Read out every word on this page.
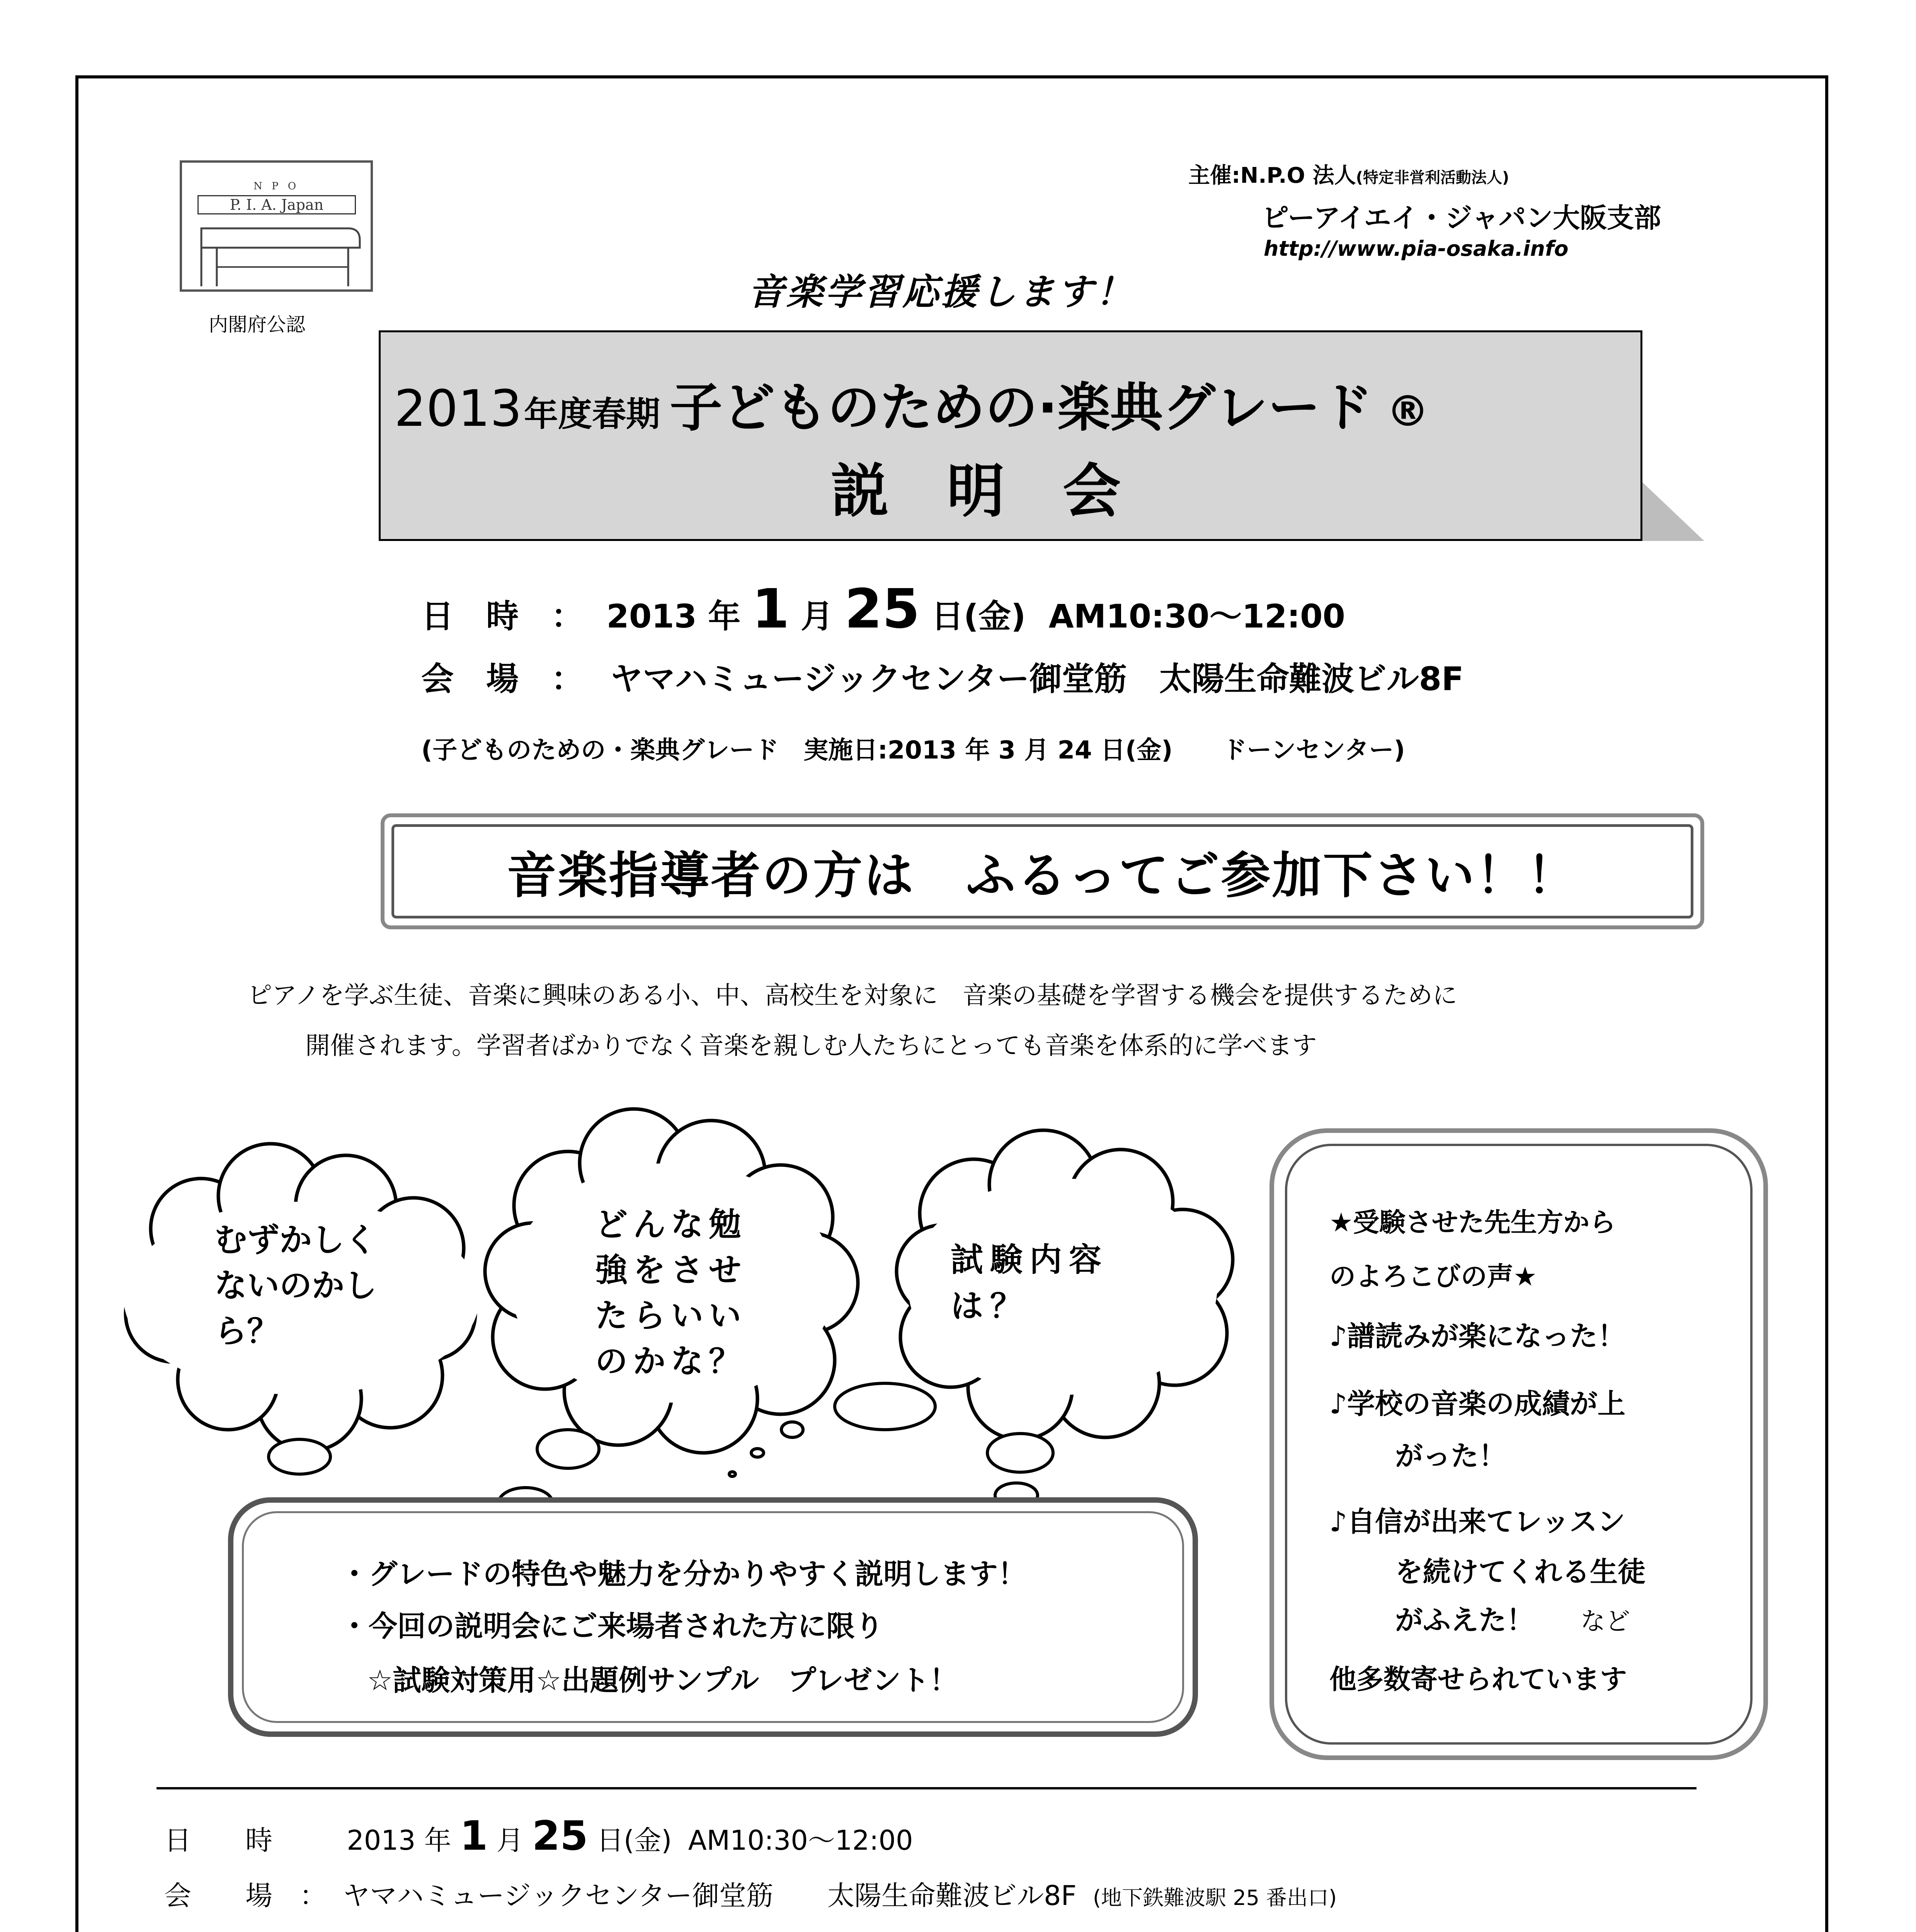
N P O
P. I. A. Japan
内閣府公認
主催:N.P.O 法人(特定非営利活動法人)
ピーアイエイ・ジャパン大阪支部
http://www.pia-osaka.info
音楽学習応援します！
2013 年度春期 子どものための·楽典グレード ®
説　明　会
日　時　： 2013 年 1 月 25 日(金) AM10:30～12:00
会　場　： ヤマハミュージックセンター御堂筋　太陽生命難波ビル8F
(子どものための・楽典グレード　実施日:2013 年 3 月 24 日(金)　　ドーンセンター)
音楽指導者の方は　ふるってご参加下さい！！
ピアノを学ぶ生徒、音楽に興味のある小、中、高校生を対象に　音楽の基礎を学習する機会を提供するために
開催されます。学習者ばかりでなく音楽を親しむ人たちにとっても音楽を体系的に学べます
むずかしく
ないのかし
ら？
どんな勉
強をさせ
たらいい
のかな？
試験内容
は？
・グレードの特色や魅力を分かりやすく説明します！
・今回の説明会にご来場者された方に限り
☆試験対策用☆出題例サンプル　プレゼント！
★受験させた先生方から
のよろこびの声★
♪譜読みが楽になった！
♪学校の音楽の成績が上
がった！
♪自信が出来てレッスン
を続けてくれる生徒
がふえた！ など
他多数寄せられています
日　　時	2013 年 1 月 25 日(金) AM10:30～12:00
会　　場　： ヤマハミュージックセンター御堂筋　　太陽生命難波ビル8F (地下鉄難波駅 25 番出口)
